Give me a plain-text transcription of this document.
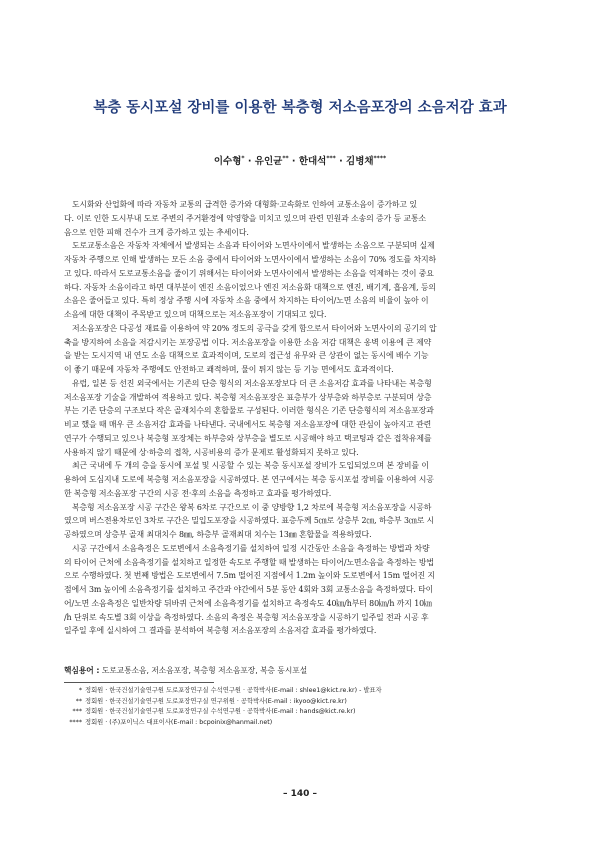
복층 동시포설 장비를 이용한 복층형 저소음포장의 소음저감 효과
이수형* · 유인균** · 한대석*** · 김병채****
도시화와 산업화에 따라 자동차 교통의 급격한 증가와 대형화·고속화로 인하여 교통소음이 증가하고 있
다. 이로 인한 도시부내 도로 주변의 주거환경에 악영향을 미치고 있으며 관련 민원과 소송의 증가 등 교통소
음으로 인한 피해 건수가 크게 증가하고 있는 추세이다.
도로교통소음은 자동차 자체에서 발생되는 소음과 타이어와 노면사이에서 발생하는 소음으로 구분되며 실제
자동차 주행으로 인해 발생하는 모든 소음 중에서 타이어와 노면사이에서 발생하는 소음이 70% 정도를 차지하
고 있다. 따라서 도로교통소음을 줄이기 위해서는 타이어와 노면사이에서 발생하는 소음을 억제하는 것이 중요
하다. 자동차 소음이라고 하면 대부분이 엔진 소음이었으나 엔진 저소음화 대책으로 엔진, 배기계, 흡음계, 등의
소음은 줄어들고 있다. 특히 정상 주행 시에 자동차 소음 중에서 차지하는 타이어/노면 소음의 비율이 높아 이
소음에 대한 대책이 주목받고 있으며 대책으로는 저소음포장이 기대되고 있다.
저소음포장은 다공성 재료를 이용하여 약 20% 정도의 공극을 갖게 함으로서 타이어와 노면사이의 공기의 압
축을 방지하여 소음을 저감시키는 포장공법 이다. 저소음포장을 이용한 소음 저감 대책은 옹벽 이용에 큰 제약
을 받는 도시지역 내 연도 소음 대책으로 효과적이며, 도로의 접근성 유무와 큰 상관이 없는 동시에 배수 기능
이 좋기 때문에 자동차 주행에도 안전하고 쾌적하며, 물이 튀지 않는 등 기능 면에서도 효과적이다.
유럽, 일본 등 선진 외국에서는 기존의 단층 형식의 저소음포장보다 더 큰 소음저감 효과를 나타내는 복층형
저소음포장 기술을 개발하여 적용하고 있다. 복층형 저소음포장은 표층부가 상부층와 하부층로 구분되며 상층
부는 기존 단층의 구조보다 작은 골재치수의 혼합물로 구성된다. 이러한 형식은 기존 단층형식의 저소음포장과
비교 했을 때 매우 큰 소음저감 효과를 나타낸다. 국내에서도 복층형 저소음포장에 대한 관심이 높아지고 관련
연구가 수행되고 있으나 복층형 포장체는 하부층와 상부층을 별도로 시공해야 하고 택코팅과 같은 접착유제를
사용하지 않기 때문에 상·하층의 접착, 시공비용의 증가 문제로 활성화되지 못하고 있다.
최근 국내에 두 개의 층을 동시에 포설 및 시공할 수 있는 복층 동시포설 장비가 도입되었으며 본 장비를 이
용하여 도심지내 도로에 복층형 저소음포장을 시공하였다. 본 연구에서는 복층 동시포설 장비를 이용하여 시공
한 복층형 저소음포장 구간의 시공 전·후의 소음을 측정하고 효과를 평가하였다.
복층형 저소음포장 시공 구간은 왕복 6차로 구간으로 이 중 양방향 1,2 차로에 복층형 저소음포장을 시공하
였으며 버스전용차로인 3차로 구간은 밀입도포장을 시공하였다. 표층두께 5㎝로 상층부 2㎝, 하층부 3㎝로 시
공하였으며 상층부 골재 최대치수 8㎜, 하층부 골재최대 치수는 13㎜ 혼합물을 적용하였다.
시공 구간에서 소음측정은 도로변에서 소음측정기를 설치하여 일정 시간동안 소음을 측정하는 방법과 차량
의 타이어 근처에 소음측정기를 설치하고 일정한 속도로 주행할 때 발생하는 타이어/노면소음을 측정하는 방법
으로 수행하였다. 첫 번째 방법은 도로변에서 7.5m 떨어진 지점에서 1.2m 높이와 도로변에서 15m 떨어진 지
점에서 3m 높이에 소음측정기를 설치하고 주간과 야간에서 5분 동안 4회와 3회 교통소음을 측정하였다. 타이
어/노면 소음측정은 일반차량 뒤바퀴 근처에 소음측정기를 설치하고 측정속도 40㎞/h부터 80㎞/h 까지 10㎞
/h 단위로 속도별 3회 이상을 측정하였다. 소음의 측정은 복층형 저소음포장을 시공하기 일주일 전과 시공 후
일주일 후에 실시하여 그 결과를 분석하여 복층형 저소음포장의 소음저감 효과를 평가하였다.
핵심용어 : 도로교통소음, 저소음포장, 복층형 저소음포장, 복층 동시포설
* 정회원 · 한국건설기술연구원 도로포장연구실 수석연구원 · 공학박사(E-mail : shlee1@kict.re.kr) - 발표자
** 정회원 · 한국건설기술연구원 도로포장연구실 연구위원 · 공학박사(E-mail : ikyoo@kict.re.kr)
*** 정회원 · 한국건설기술연구원 도로포장연구실 수석연구원 · 공학박사(E-mail : hands@kict.re.kr)
**** 정회원 · (주)포이닉스 대표이사(E-mail : bcpoinix@hanmail.net)
– 140 –
